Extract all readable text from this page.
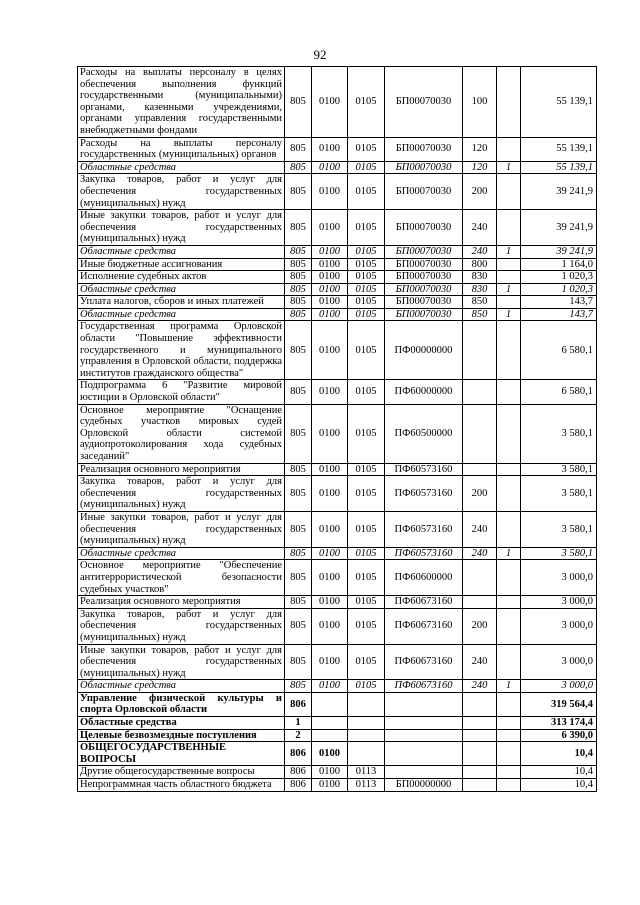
92
Расходы на выплаты персоналу в целях обеспечения выполнения функций государственными (муниципальными) органами, казенными учреждениями, органами управления государственными внебюджетными фондами	805	0100	0105	БП00070030	100		55 139,1
Расходы на выплаты персоналу государственных (муниципальных) органов	805	0100	0105	БП00070030	120		55 139,1
Областные средства	805	0100	0105	БП00070030	120	1	55 139,1
Закупка товаров, работ и услуг для обеспечения государственных (муниципальных) нужд	805	0100	0105	БП00070030	200		39 241,9
Иные закупки товаров, работ и услуг для обеспечения государственных (муниципальных) нужд	805	0100	0105	БП00070030	240		39 241,9
Областные средства	805	0100	0105	БП00070030	240	1	39 241,9
Иные бюджетные ассигнования	805	0100	0105	БП00070030	800		1 164,0
Исполнение судебных актов	805	0100	0105	БП00070030	830		1 020,3
Областные средства	805	0100	0105	БП00070030	830	1	1 020,3
Уплата налогов, сборов и иных платежей	805	0100	0105	БП00070030	850		143,7
Областные средства	805	0100	0105	БП00070030	850	1	143,7
Государственная программа Орловской области "Повышение эффективности государственного и муниципального управления в Орловской области, поддержка институтов гражданского общества"	805	0100	0105	ПФ00000000			6 580,1
Подпрограмма 6 "Развитие мировой юстиции в Орловской области"	805	0100	0105	ПФ60000000			6 580,1
Основное мероприятие "Оснащение судебных участков мировых судей Орловской области системой аудиопротоколирования хода судебных заседаний"	805	0100	0105	ПФ60500000			3 580,1
Реализация основного мероприятия	805	0100	0105	ПФ60573160			3 580,1
Закупка товаров, работ и услуг для обеспечения государственных (муниципальных) нужд	805	0100	0105	ПФ60573160	200		3 580,1
Иные закупки товаров, работ и услуг для обеспечения государственных (муниципальных) нужд	805	0100	0105	ПФ60573160	240		3 580,1
Областные средства	805	0100	0105	ПФ60573160	240	1	3 580,1
Основное мероприятие "Обеспечение антитеррористической безопасности судебных участков"	805	0100	0105	ПФ60600000			3 000,0
Реализация основного мероприятия	805	0100	0105	ПФ60673160			3 000,0
Закупка товаров, работ и услуг для обеспечения государственных (муниципальных) нужд	805	0100	0105	ПФ60673160	200		3 000,0
Иные закупки товаров, работ и услуг для обеспечения государственных (муниципальных) нужд	805	0100	0105	ПФ60673160	240		3 000,0
Областные средства	805	0100	0105	ПФ60673160	240	1	3 000,0
Управление физической культуры и спорта Орловской области	806						319 564,4
Областные средства	1						313 174,4
Целевые безвозмездные поступления	2						6 390,0
ОБЩЕГОСУДАРСТВЕННЫЕ ВОПРОСЫ	806	0100					10,4
Другие общегосударственные вопросы	806	0100	0113				10,4
Непрограммная часть областного бюджета	806	0100	0113	БП00000000			10,4
